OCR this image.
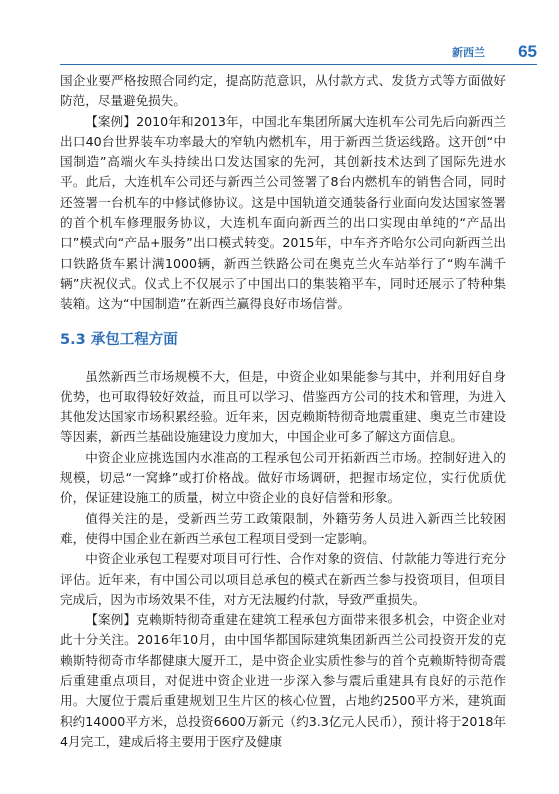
新西兰 65

国企业要严格按照合同约定，提高防范意识，从付款方式、发货方式等方面做好防范，尽量避免损失。

【案例】2010年和2013年，中国北车集团所属大连机车公司先后向新西兰出口40台世界装车功率最大的窄轨内燃机车，用于新西兰货运线路。这开创“中国制造”高端火车头持续出口发达国家的先河，其创新技术达到了国际先进水平。此后，大连机车公司还与新西兰公司签署了8台内燃机车的销售合同，同时还签署一台机车的中修试修协议。这是中国轨道交通装备行业面向发达国家签署的首个机车修理服务协议，大连机车面向新西兰的出口实现由单纯的“产品出口”模式向“产品+服务”出口模式转变。2015年，中车齐齐哈尔公司向新西兰出口铁路货车累计满1000辆，新西兰铁路公司在奥克兰火车站举行了“购车满千辆”庆祝仪式。仪式上不仅展示了中国出口的集装箱平车，同时还展示了特种集装箱。这为“中国制造”在新西兰赢得良好市场信誉。

5.3 承包工程方面

虽然新西兰市场规模不大，但是，中资企业如果能参与其中，并利用好自身优势，也可取得较好效益，而且可以学习、借鉴西方公司的技术和管理，为进入其他发达国家市场积累经验。近年来，因克赖斯特彻奇地震重建、奥克兰市建设等因素，新西兰基础设施建设力度加大，中国企业可多了解这方面信息。

中资企业应挑选国内水准高的工程承包公司开拓新西兰市场。控制好进入的规模，切忌“一窝蜂”或打价格战。做好市场调研，把握市场定位，实行优质优价，保证建设施工的质量，树立中资企业的良好信誉和形象。

值得关注的是，受新西兰劳工政策限制，外籍劳务人员进入新西兰比较困难，使得中国企业在新西兰承包工程项目受到一定影响。

中资企业承包工程要对项目可行性、合作对象的资信、付款能力等进行充分评估。近年来，有中国公司以项目总承包的模式在新西兰参与投资项目，但项目完成后，因为市场效果不佳，对方无法履约付款，导致严重损失。

【案例】克赖斯特彻奇重建在建筑工程承包方面带来很多机会，中资企业对此十分关注。2016年10月，由中国华都国际建筑集团新西兰公司投资开发的克赖斯特彻奇市华都健康大厦开工，是中资企业实质性参与的首个克赖斯特彻奇震后重建重点项目，对促进中资企业进一步深入参与震后重建具有良好的示范作用。大厦位于震后重建规划卫生片区的核心位置，占地约2500平方米，建筑面积约14000平方米，总投资6600万新元（约3.3亿元人民币），预计将于2018年4月完工，建成后将主要用于医疗及健康
